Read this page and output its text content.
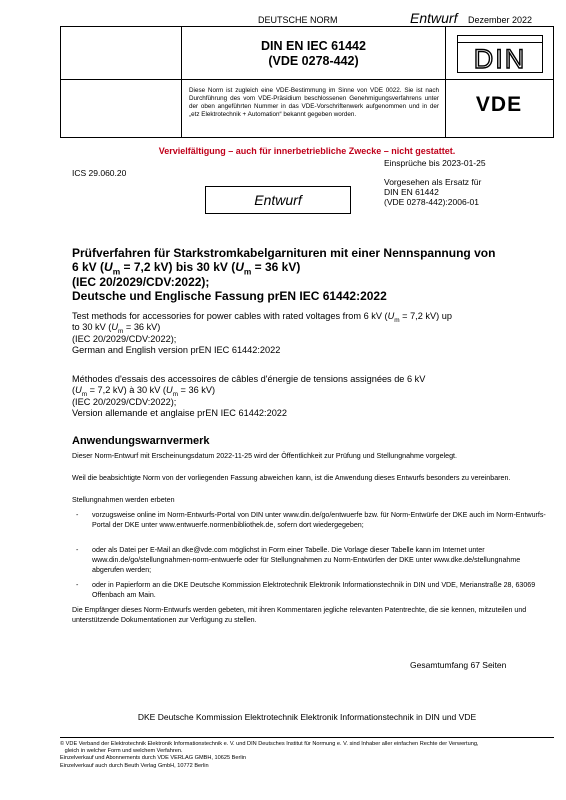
DEUTSCHE NORM	Entwurf Dezember 2022
DIN EN IEC 61442
(VDE 0278-442)
Diese Norm ist zugleich eine VDE-Bestimmung im Sinne von VDE 0022. Sie ist nach Durchführung des vom VDE-Präsidium beschlossenen Genehmigungsverfahrens unter der oben angeführten Nummer in das VDE-Vorschriftenwerk aufgenommen und in der „etz Elektrotechnik + Automation“ bekannt gegeben worden.
DIN
VDE
Vervielfältigung – auch für innerbetriebliche Zwecke – nicht gestattet.
Einsprüche bis 2023-01-25
ICS 29.060.20
Vorgesehen als Ersatz für
DIN EN 61442
(VDE 0278-442):2006-01
Entwurf
Prüfverfahren für Starkstromkabelgarnituren mit einer Nennspannung von
6 kV ($U_m = 7,2$ kV) bis 30 kV ($U_m = 36$ kV)
(IEC 20/2029/CDV:2022);
Deutsche und Englische Fassung prEN IEC 61442:2022
Test methods for accessories for power cables with rated voltages from 6 kV ($U_m = 7,2$ kV) up
to 30 kV ($U_m = 36$ kV)
(IEC 20/2029/CDV:2022);
German and English version prEN IEC 61442:2022
Méthodes d'essais des accessoires de câbles d'énergie de tensions assignées de 6 kV
($U_m = 7,2$ kV) à 30 kV ($U_m = 36$ kV)
(IEC 20/2029/CDV:2022);
Version allemande et anglaise prEN IEC 61442:2022
Anwendungswarnvermerk
Dieser Norm-Entwurf mit Erscheinungsdatum 2022-11-25 wird der Öffentlichkeit zur Prüfung und Stellungnahme vorgelegt.
Weil die beabsichtigte Norm von der vorliegenden Fassung abweichen kann, ist die Anwendung dieses Entwurfs besonders zu vereinbaren.
Stellungnahmen werden erbeten
- vorzugsweise online im Norm-Entwurfs-Portal von DIN unter www.din.de/go/entwuerfe bzw. für Norm-Entwürfe der DKE auch im Norm-Entwurfs-Portal der DKE unter www.entwuerfe.normenbibliothek.de, sofern dort wiedergegeben;
- oder als Datei per E-Mail an dke@vde.com möglichst in Form einer Tabelle. Die Vorlage dieser Tabelle kann im Internet unter www.din.de/go/stellungnahmen-norm-entwuerfe oder für Stellungnahmen zu Norm-Entwürfen der DKE unter www.dke.de/stellungnahme abgerufen werden;
- oder in Papierform an die DKE Deutsche Kommission Elektrotechnik Elektronik Informationstechnik in DIN und VDE, Merianstraße 28, 63069 Offenbach am Main.
Die Empfänger dieses Norm-Entwurfs werden gebeten, mit ihren Kommentaren jegliche relevanten Patentrechte, die sie kennen, mitzuteilen und unterstützende Dokumentationen zur Verfügung zu stellen.
Gesamtumfang 67 Seiten
DKE Deutsche Kommission Elektrotechnik Elektronik Informationstechnik in DIN und VDE
© VDE Verband der Elektrotechnik Elektronik Informationstechnik e. V. und DIN Deutsches Institut für Normung e. V. sind Inhaber aller einfachen Rechte der Verwertung,
gleich in welcher Form und welchem Verfahren.
Einzelverkauf und Abonnements durch VDE VERLAG GMBH, 10625 Berlin
Einzelverkauf auch durch Beuth Verlag GmbH, 10772 Berlin
